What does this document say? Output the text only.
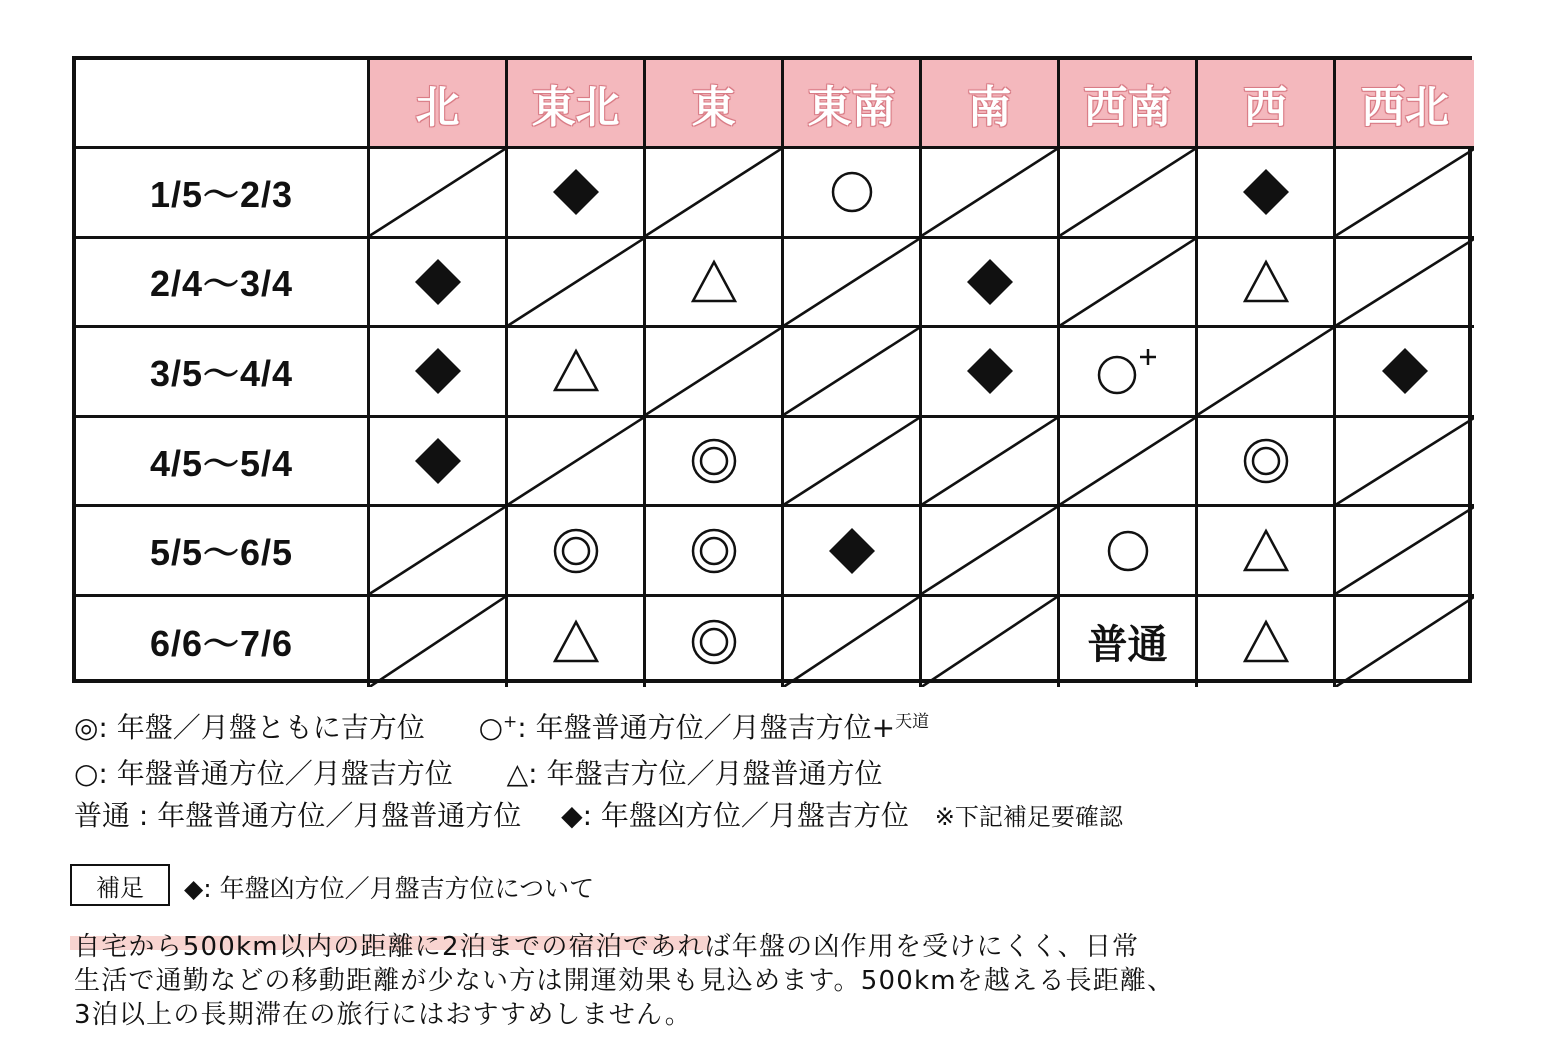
北 東北 東 東南 南 西南 西 西北
1/5～2/3
2/4～3/4
3/5～4/4
4/5～5/4
5/5～6/5
6/6～7/6	普通
◎: 年盤／月盤ともに吉方位 ○+: 年盤普通方位／月盤吉方位+天道
○: 年盤普通方位／月盤吉方位 △: 年盤吉方位／月盤普通方位
普通 : 年盤普通方位／月盤普通方位 ◆: 年盤凶方位／月盤吉方位 ※下記補足要確認
補足 ◆: 年盤凶方位／月盤吉方位について
自宅から500km以内の距離に2泊までの宿泊であれば年盤の凶作用を受けにくく、日常
生活で通勤などの移動距離が少ない方は開運効果も見込めます。500kmを越える長距離、
3泊以上の長期滞在の旅行にはおすすめしません。
